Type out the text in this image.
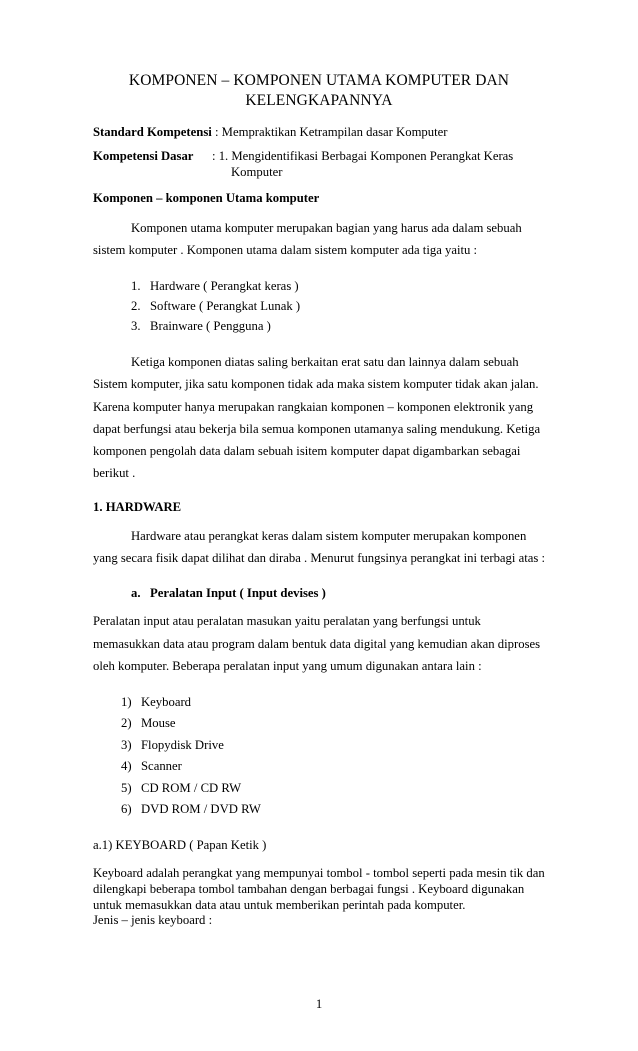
KOMPONEN – KOMPONEN UTAMA KOMPUTER DAN
KELENGKAPANNYA
Standard Kompetensi : Mempraktikan Ketrampilan dasar Komputer
Kompetensi Dasar : 1. Mengidentifikasi Berbagai Komponen Perangkat Keras
Komputer
Komponen – komponen Utama komputer
Komponen utama komputer merupakan bagian yang harus ada dalam sebuah
sistem komputer . Komponen utama dalam sistem komputer ada tiga yaitu :
1. Hardware ( Perangkat keras )
2. Software ( Perangkat Lunak )
3. Brainware ( Pengguna )
Ketiga komponen diatas saling berkaitan erat satu dan lainnya dalam sebuah
Sistem komputer, jika satu komponen tidak ada maka sistem komputer tidak akan jalan.
Karena komputer hanya merupakan rangkaian komponen – komponen elektronik yang
dapat berfungsi atau bekerja bila semua komponen utamanya saling mendukung. Ketiga
komponen pengolah data dalam sebuah isitem komputer dapat digambarkan sebagai
berikut .
1. HARDWARE
Hardware atau perangkat keras dalam sistem komputer merupakan komponen
yang secara fisik dapat dilihat dan diraba . Menurut fungsinya perangkat ini terbagi atas :
a. Peralatan Input ( Input devises )
Peralatan input atau peralatan masukan yaitu peralatan yang berfungsi untuk
memasukkan data atau program dalam bentuk data digital yang kemudian akan diproses
oleh komputer. Beberapa peralatan input yang umum digunakan antara lain :
1) Keyboard
2) Mouse
3) Flopydisk Drive
4) Scanner
5) CD ROM / CD RW
6) DVD ROM / DVD RW
a.1) KEYBOARD ( Papan Ketik )
Keyboard adalah perangkat yang mempunyai tombol - tombol seperti pada mesin tik dan
dilengkapi beberapa tombol tambahan dengan berbagai fungsi . Keyboard digunakan
untuk memasukkan data atau untuk memberikan perintah pada komputer.
Jenis – jenis keyboard :
1
